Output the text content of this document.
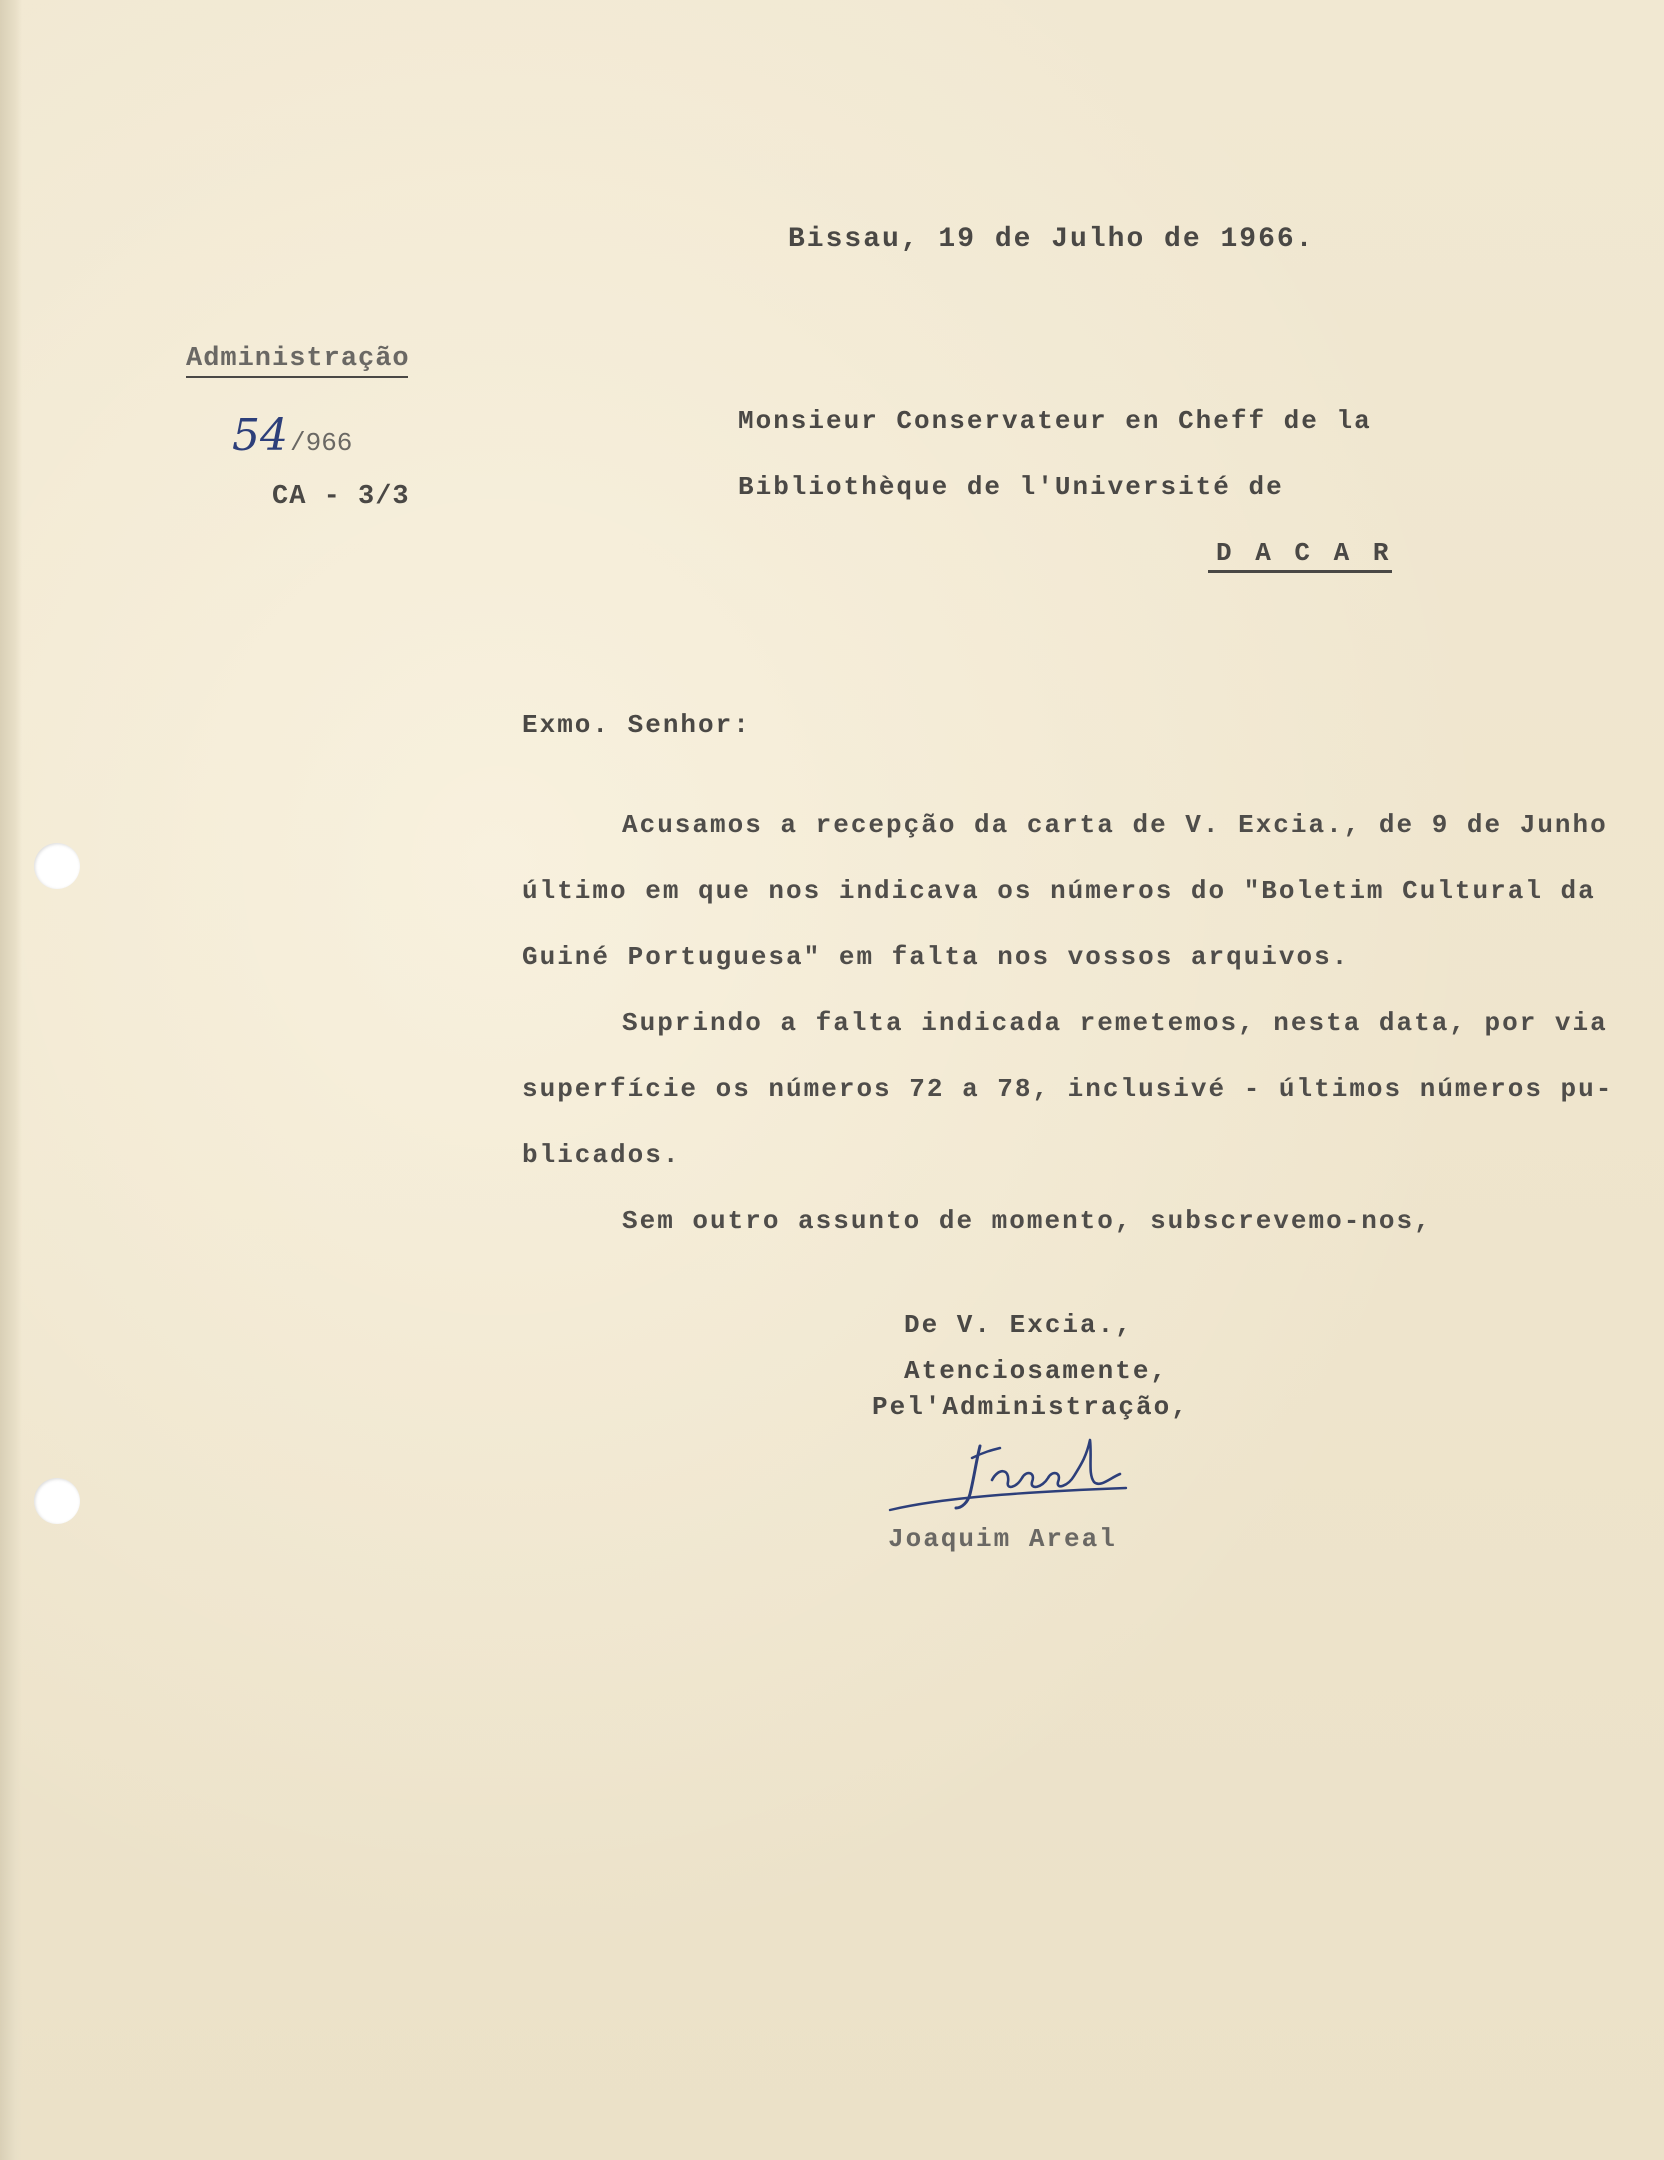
Bissau, 19 de Julho de 1966.
Administração
54 /966
CA - 3/3
Monsieur Conservateur en Cheff de la
Bibliothèque de l'Université de
D A C A R
Exmo. Senhor:
Acusamos a recepção da carta de V. Excia., de 9 de Junho
último em que nos indicava os números do "Boletim Cultural da
Guiné Portuguesa" em falta nos vossos arquivos.
Suprindo a falta indicada remetemos, nesta data, por via
superfície os números 72 a 78, inclusivé - últimos números pu-
blicados.
Sem outro assunto de momento, subscrevemo-nos,
De V. Excia.,
Atenciosamente,
Pel'Administração,
Joaquim Areal
